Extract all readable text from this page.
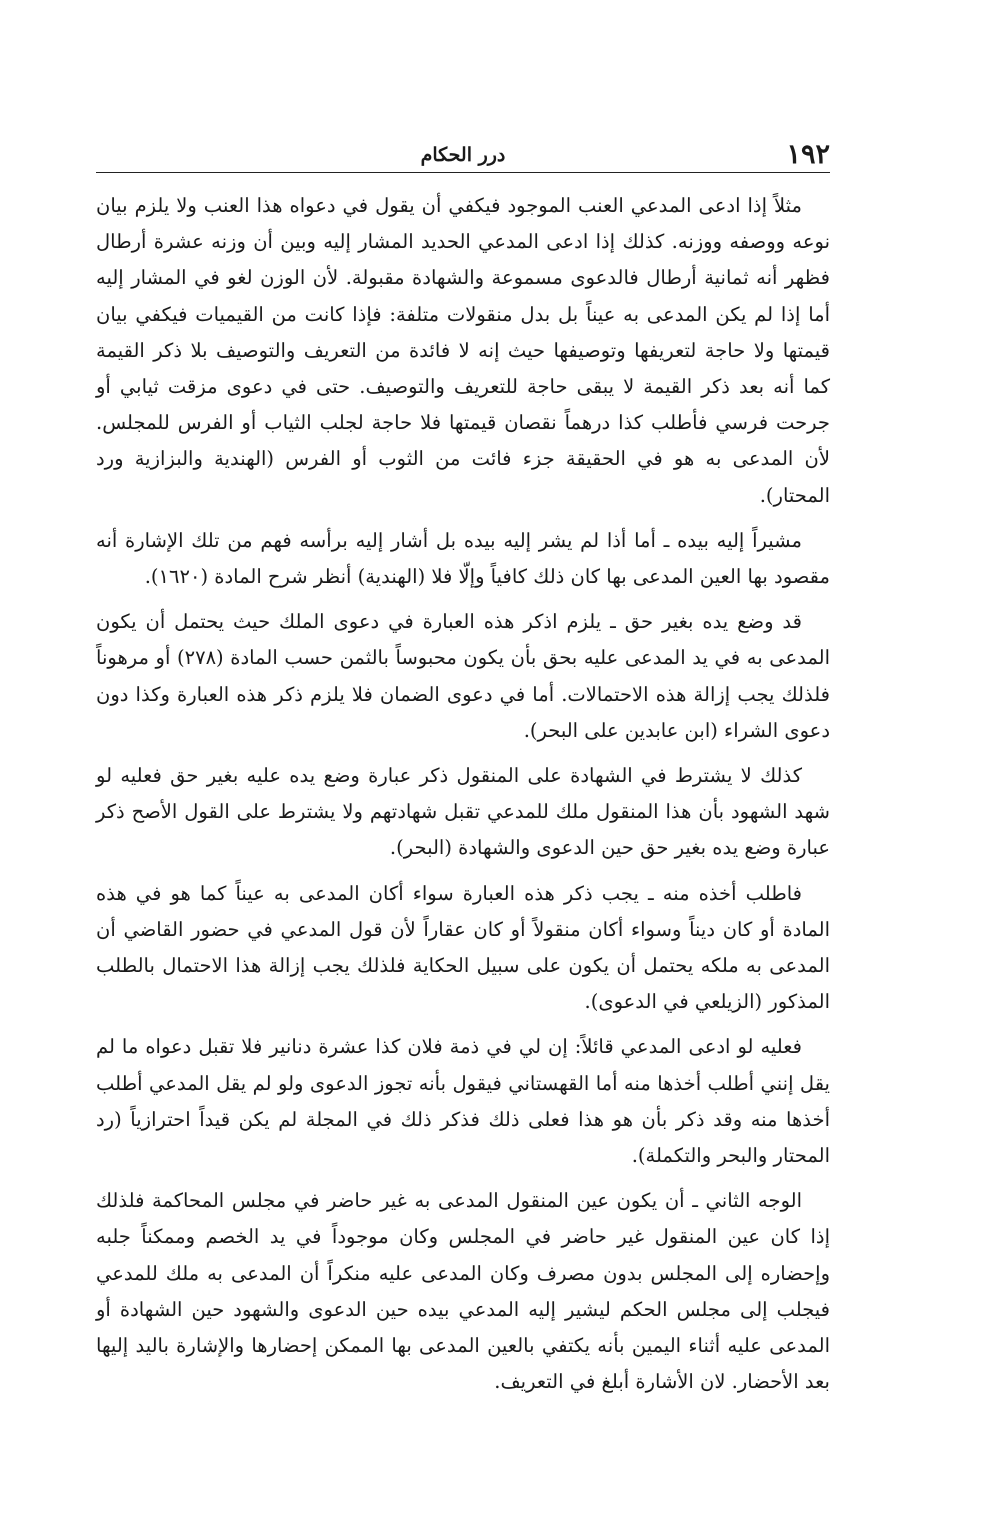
١٩٢
درر الحكام

مثلاً إذا ادعى المدعي العنب الموجود فيكفي أن يقول في دعواه هذا العنب ولا يلزم بيان نوعه ووصفه ووزنه. كذلك إذا ادعى المدعي الحديد المشار إليه وبين أن وزنه عشرة أرطال فظهر أنه ثمانية أرطال فالدعوى مسموعة والشهادة مقبولة. لأن الوزن لغو في المشار إليه أما إذا لم يكن المدعى به عيناً بل بدل منقولات متلفة: فإذا كانت من القيميات فيكفي بيان قيمتها ولا حاجة لتعريفها وتوصيفها حيث إنه لا فائدة من التعريف والتوصيف بلا ذكر القيمة كما أنه بعد ذكر القيمة لا يبقى حاجة للتعريف والتوصيف. حتى في دعوى مزقت ثيابي أو جرحت فرسي فأطلب كذا درهماً نقصان قيمتها فلا حاجة لجلب الثياب أو الفرس للمجلس. لأن المدعى به هو في الحقيقة جزء فائت من الثوب أو الفرس (الهندية والبزازية ورد المحتار).

مشيراً إليه بيده ـ أما أذا لم يشر إليه بيده بل أشار إليه برأسه فهم من تلك الإشارة أنه مقصود بها العين المدعى بها كان ذلك كافياً وإلّا فلا (الهندية) أنظر شرح المادة (١٦٢٠).

قد وضع يده بغير حق ـ يلزم اذكر هذه العبارة في دعوى الملك حيث يحتمل أن يكون المدعى به في يد المدعى عليه بحق بأن يكون محبوساً بالثمن حسب المادة (٢٧٨) أو مرهوناً فلذلك يجب إزالة هذه الاحتمالات. أما في دعوى الضمان فلا يلزم ذكر هذه العبارة وكذا دون دعوى الشراء (ابن عابدين على البحر).

كذلك لا يشترط في الشهادة على المنقول ذكر عبارة وضع يده عليه بغير حق فعليه لو شهد الشهود بأن هذا المنقول ملك للمدعي تقبل شهادتهم ولا يشترط على القول الأصح ذكر عبارة وضع يده بغير حق حين الدعوى والشهادة (البحر).

فاطلب أخذه منه ـ يجب ذكر هذه العبارة سواء أكان المدعى به عيناً كما هو في هذه المادة أو كان ديناً وسواء أكان منقولاً أو كان عقاراً لأن قول المدعي في حضور القاضي أن المدعى به ملكه يحتمل أن يكون على سبيل الحكاية فلذلك يجب إزالة هذا الاحتمال بالطلب المذكور (الزيلعي في الدعوى).

فعليه لو ادعى المدعي قائلاً: إن لي في ذمة فلان كذا عشرة دنانير فلا تقبل دعواه ما لم يقل إنني أطلب أخذها منه أما القهستاني فيقول بأنه تجوز الدعوى ولو لم يقل المدعي أطلب أخذها منه وقد ذكر بأن هو هذا فعلى ذلك فذكر ذلك في المجلة لم يكن قيداً احترازياً (رد المحتار والبحر والتكملة).

الوجه الثاني ـ أن يكون عين المنقول المدعى به غير حاضر في مجلس المحاكمة فلذلك إذا كان عين المنقول غير حاضر في المجلس وكان موجوداً في يد الخصم وممكناً جلبه وإحضاره إلى المجلس بدون مصرف وكان المدعى عليه منكراً أن المدعى به ملك للمدعي فيجلب إلى مجلس الحكم ليشير إليه المدعي بيده حين الدعوى والشهود حين الشهادة أو المدعى عليه أثناء اليمين بأنه يكتفي بالعين المدعى بها الممكن إحضارها والإشارة باليد إليها بعد الأحضار. لان الأشارة أبلغ في التعريف.
